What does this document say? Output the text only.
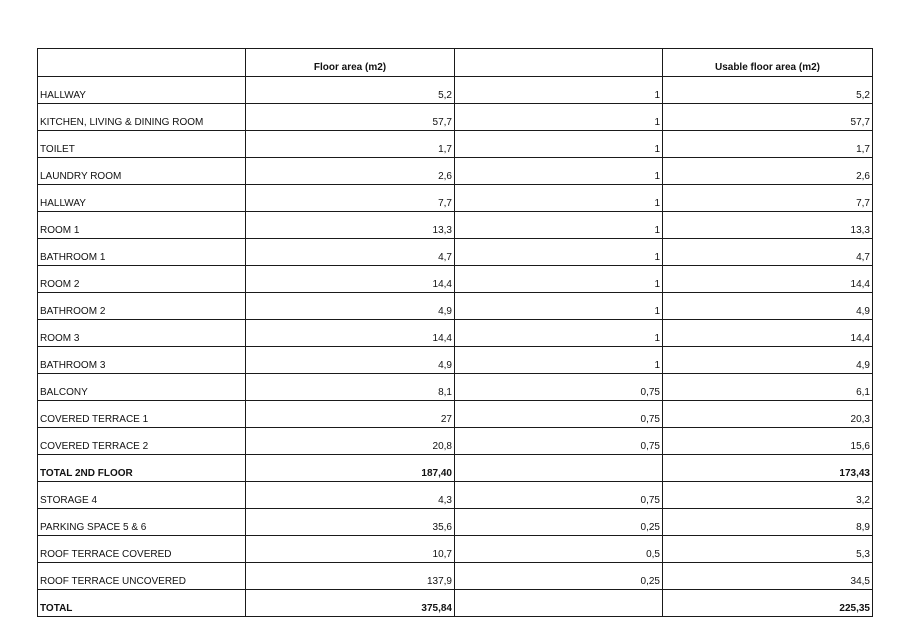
	Floor area (m2)		Usable floor area (m2)
HALLWAY	5,2	1	5,2
KITCHEN, LIVING & DINING ROOM	57,7	1	57,7
TOILET	1,7	1	1,7
LAUNDRY ROOM	2,6	1	2,6
HALLWAY	7,7	1	7,7
ROOM 1	13,3	1	13,3
BATHROOM 1	4,7	1	4,7
ROOM 2	14,4	1	14,4
BATHROOM 2	4,9	1	4,9
ROOM 3	14,4	1	14,4
BATHROOM 3	4,9	1	4,9
BALCONY	8,1	0,75	6,1
COVERED TERRACE 1	27	0,75	20,3
COVERED TERRACE 2	20,8	0,75	15,6
TOTAL 2ND FLOOR	187,40		173,43
STORAGE 4	4,3	0,75	3,2
PARKING SPACE 5 & 6	35,6	0,25	8,9
ROOF TERRACE COVERED	10,7	0,5	5,3
ROOF TERRACE UNCOVERED	137,9	0,25	34,5
TOTAL	375,84		225,35
